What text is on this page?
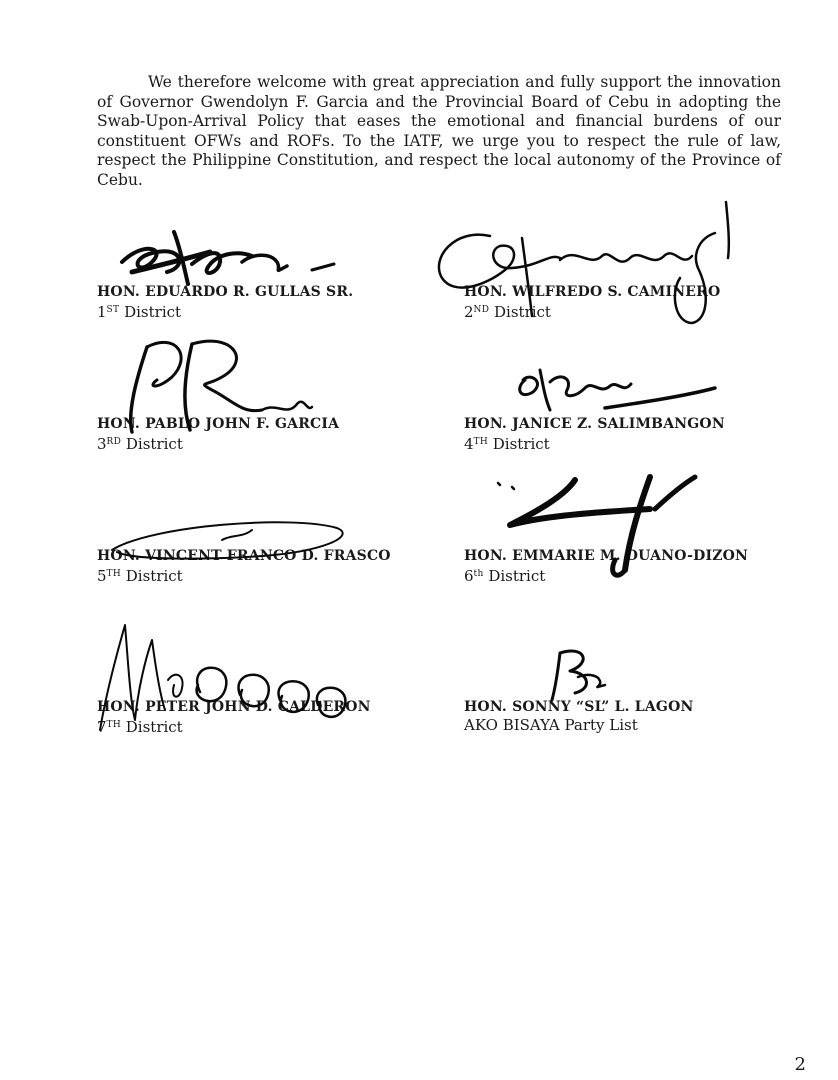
We therefore welcome with great appreciation and fully support the innovation of Governor Gwendolyn F. Garcia and the Provincial Board of Cebu in adopting the Swab-Upon-Arrival Policy that eases the emotional and financial burdens of our constituent OFWs and ROFs. To the IATF, we urge you to respect the rule of law, respect the Philippine Constitution, and respect the local autonomy of the Province of Cebu.

HON. EDUARDO R. GULLAS SR.
1ST District
HON. WILFREDO S. CAMINERO
2ND District
HON. PABLO JOHN F. GARCIA
3RD District
HON. JANICE Z. SALIMBANGON
4TH District
HON. VINCENT FRANCO D. FRASCO
5TH District
HON. EMMARIE M. OUANO-DIZON
6th District
HON. PETER JOHN D. CALDERON
7TH District
HON. SONNY “SL” L. LAGON
AKO BISAYA Party List
2
